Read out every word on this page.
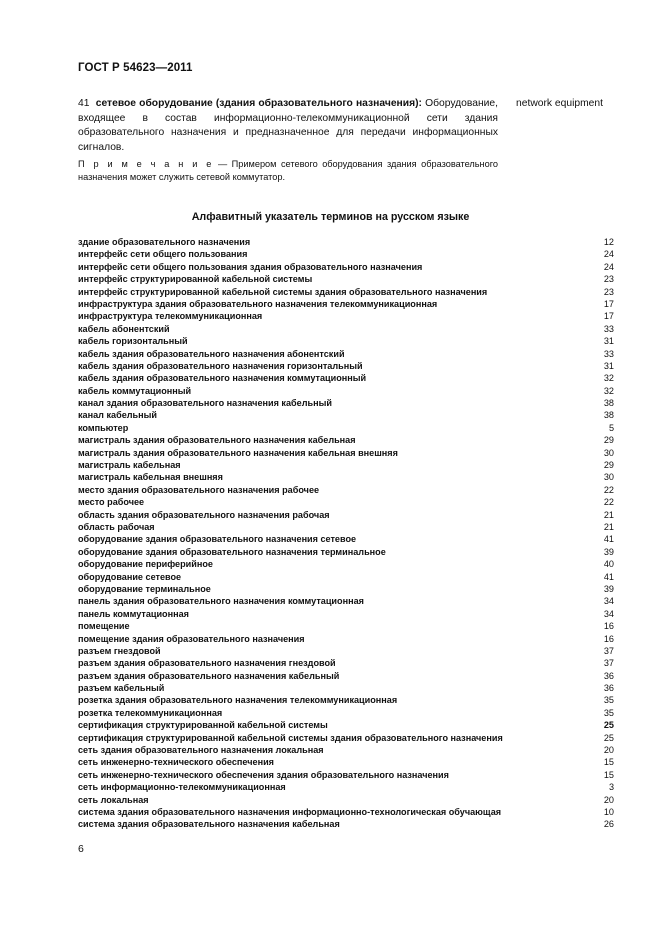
ГОСТ Р 54623—2011
41 сетевое оборудование (здания образовательного назначения): Оборудование, входящее в состав информационно-телекоммуникационной сети здания образовательного назначения и предназначенное для передачи информационных сигналов.
network equipment
П р и м е ч а н и е — Примером сетевого оборудования здания образовательного назначения может служить сетевой коммутатор.
Алфавитный указатель терминов на русском языке
здание образовательного назначения	12
интерфейс сети общего пользования	24
интерфейс сети общего пользования здания образовательного назначения	24
интерфейс структурированной кабельной системы	23
интерфейс структурированной кабельной системы здания образовательного назначения	23
инфраструктура здания образовательного назначения телекоммуникационная	17
инфраструктура телекоммуникационная	17
кабель абонентский	33
кабель горизонтальный	31
кабель здания образовательного назначения абонентский	33
кабель здания образовательного назначения горизонтальный	31
кабель здания образовательного назначения коммутационный	32
кабель коммутационный	32
канал здания образовательного назначения кабельный	38
канал кабельный	38
компьютер	5
магистраль здания образовательного назначения кабельная	29
магистраль здания образовательного назначения кабельная внешняя	30
магистраль кабельная	29
магистраль кабельная внешняя	30
место здания образовательного назначения рабочее	22
место рабочее	22
область здания образовательного назначения рабочая	21
область рабочая	21
оборудование здания образовательного назначения сетевое	41
оборудование здания образовательного назначения терминальное	39
оборудование периферийное	40
оборудование сетевое	41
оборудование терминальное	39
панель здания образовательного назначения коммутационная	34
панель коммутационная	34
помещение	16
помещение здания образовательного назначения	16
разъем гнездовой	37
разъем здания образовательного назначения гнездовой	37
разъем здания образовательного назначения кабельный	36
разъем кабельный	36
розетка здания образовательного назначения телекоммуникационная	35
розетка телекоммуникационная	35
сертификация структурированной кабельной системы	25
сертификация структурированной кабельной системы здания образовательного назначения	25
сеть здания образовательного назначения локальная	20
сеть инженерно-технического обеспечения	15
сеть инженерно-технического обеспечения здания образовательного назначения	15
сеть информационно-телекоммуникационная	3
сеть локальная	20
система здания образовательного назначения информационно-технологическая обучающая	10
система здания образовательного назначения кабельная	26
6
